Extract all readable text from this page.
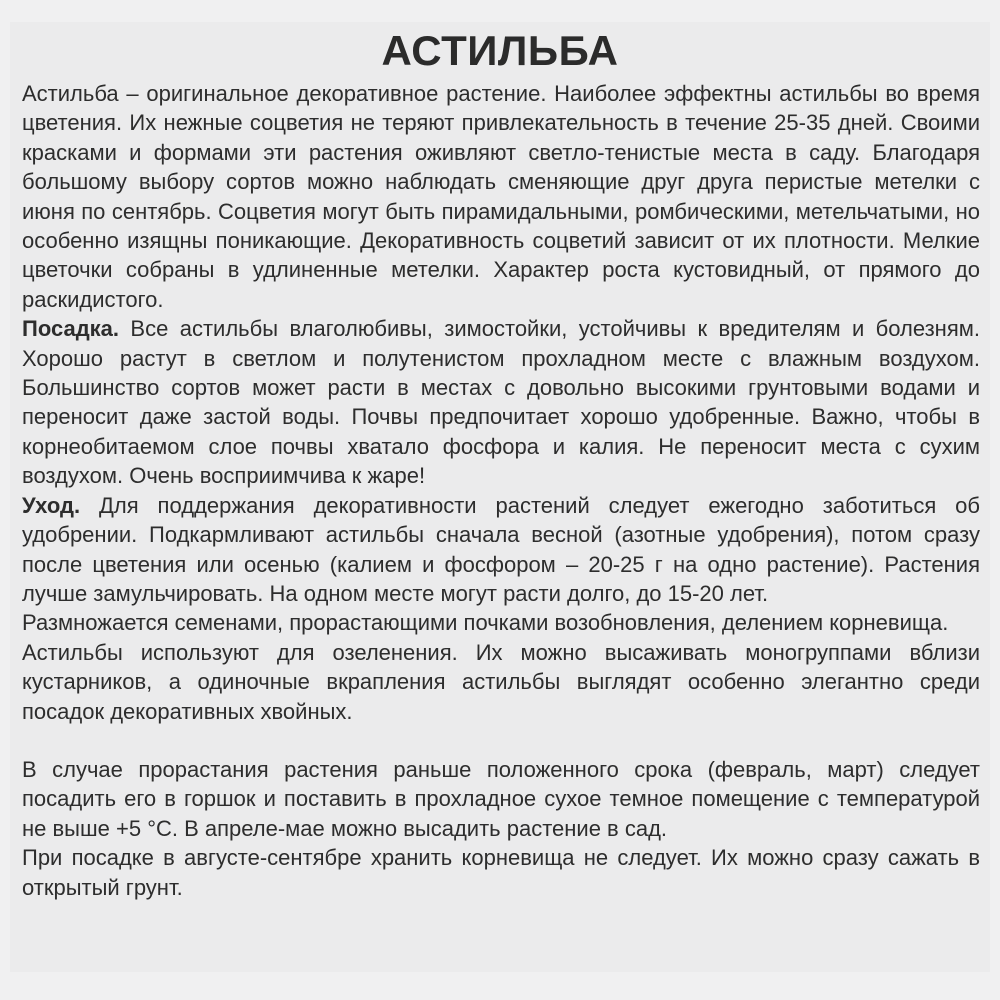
АСТИЛЬБА

Астильба – оригинальное декоративное растение. Наиболее эффектны астильбы во время цветения. Их нежные соцветия не теряют привлекательность в течение 25-35 дней. Своими красками и формами эти растения оживляют светло-тенистые места в саду. Благодаря большому выбору сортов можно наблюдать сменяющие друг друга перистые метелки с июня по сентябрь. Соцветия могут быть пирамидальными, ромбическими, метельчатыми, но особенно изящны поникающие. Декоративность соцветий зависит от их плотности. Мелкие цветочки собраны в удлиненные метелки. Характер роста кустовидный, от прямого до раскидистого.

Посадка. Все астильбы влаголюбивы, зимостойки, устойчивы к вредителям и болезням. Хорошо растут в светлом и полутенистом прохладном месте с влажным воздухом. Большинство сортов может расти в местах с довольно высокими грунтовыми водами и переносит даже застой воды. Почвы предпочитает хорошо удобренные. Важно, чтобы в корнеобитаемом слое почвы хватало фосфора и калия. Не переносит места с сухим воздухом. Очень восприимчива к жаре!

Уход. Для поддержания декоративности растений следует ежегодно заботиться об удобрении. Подкармливают астильбы сначала весной (азотные удобрения), потом сразу после цветения или осенью (калием и фосфором – 20-25 г на одно растение). Растения лучше замульчировать. На одном месте могут расти долго, до 15-20 лет.

Размножается семенами, прорастающими почками возобновления, делением корневища.

Астильбы используют для озеленения. Их можно высаживать моногруппами вблизи кустарников, а одиночные вкрапления астильбы выглядят особенно элегантно среди посадок декоративных хвойных.

В случае прорастания растения раньше положенного срока (февраль, март) следует посадить его в горшок и поставить в прохладное сухое темное помещение с температурой не выше +5 °С. В апреле-мае можно высадить растение в сад.

При посадке в августе-сентябре хранить корневища не следует. Их можно сразу сажать в открытый грунт.
